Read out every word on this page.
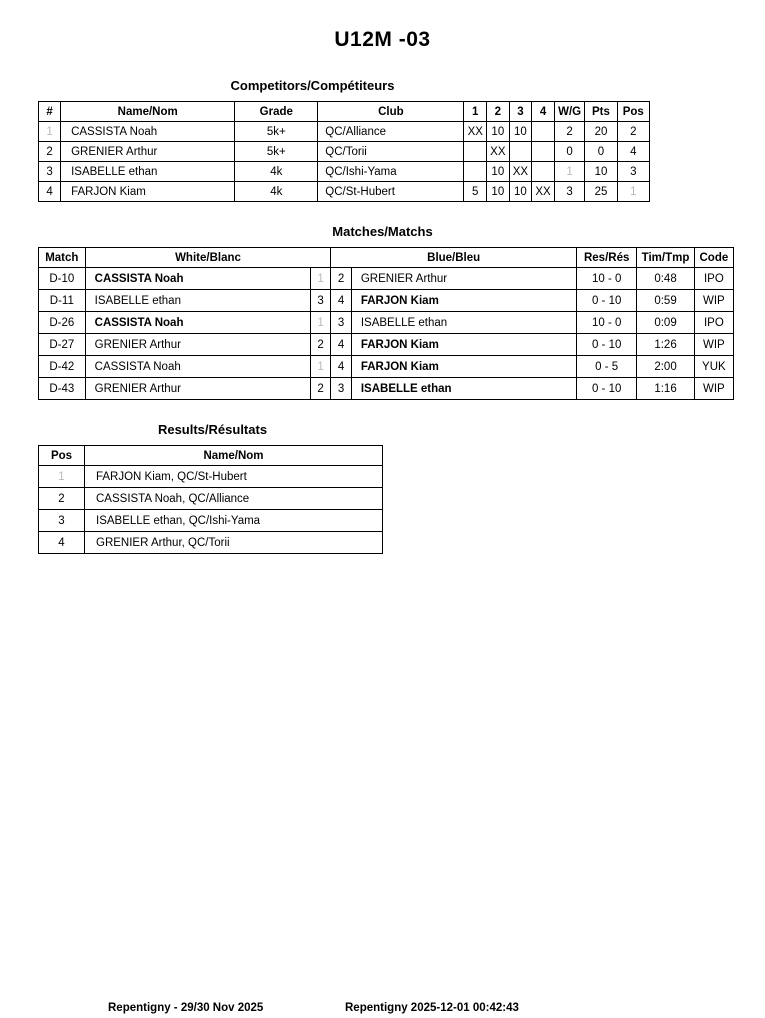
U12M -03
Competitors/Compétiteurs
#	Name/Nom	Grade	Club	1	2	3	4	W/G	Pts	Pos
1	CASSISTA Noah	5k+	QC/Alliance	XX	10	10		2	20	2
2	GRENIER Arthur	5k+	QC/Torii		XX			0	0	4
3	ISABELLE ethan	4k	QC/Ishi-Yama		10	XX		1	10	3
4	FARJON Kiam	4k	QC/St-Hubert	5	10	10	XX	3	25	1
Matches/Matchs
Match	White/Blanc		Blue/Bleu		Res/Rés	Tim/Tmp	Code
D-10	CASSISTA Noah	1	2	GRENIER Arthur	10 - 0	0:48	IPO
D-11	ISABELLE ethan	3	4	FARJON Kiam	0 - 10	0:59	WIP
D-26	CASSISTA Noah	1	3	ISABELLE ethan	10 - 0	0:09	IPO
D-27	GRENIER Arthur	2	4	FARJON Kiam	0 - 10	1:26	WIP
D-42	CASSISTA Noah	1	4	FARJON Kiam	0 - 5	2:00	YUK
D-43	GRENIER Arthur	2	3	ISABELLE ethan	0 - 10	1:16	WIP
Results/Résultats
Pos	Name/Nom
1	FARJON Kiam, QC/St-Hubert
2	CASSISTA Noah, QC/Alliance
3	ISABELLE ethan, QC/Ishi-Yama
4	GRENIER Arthur, QC/Torii
Repentigny - 29/30 Nov 2025	Repentigny 2025-12-01 00:42:43
